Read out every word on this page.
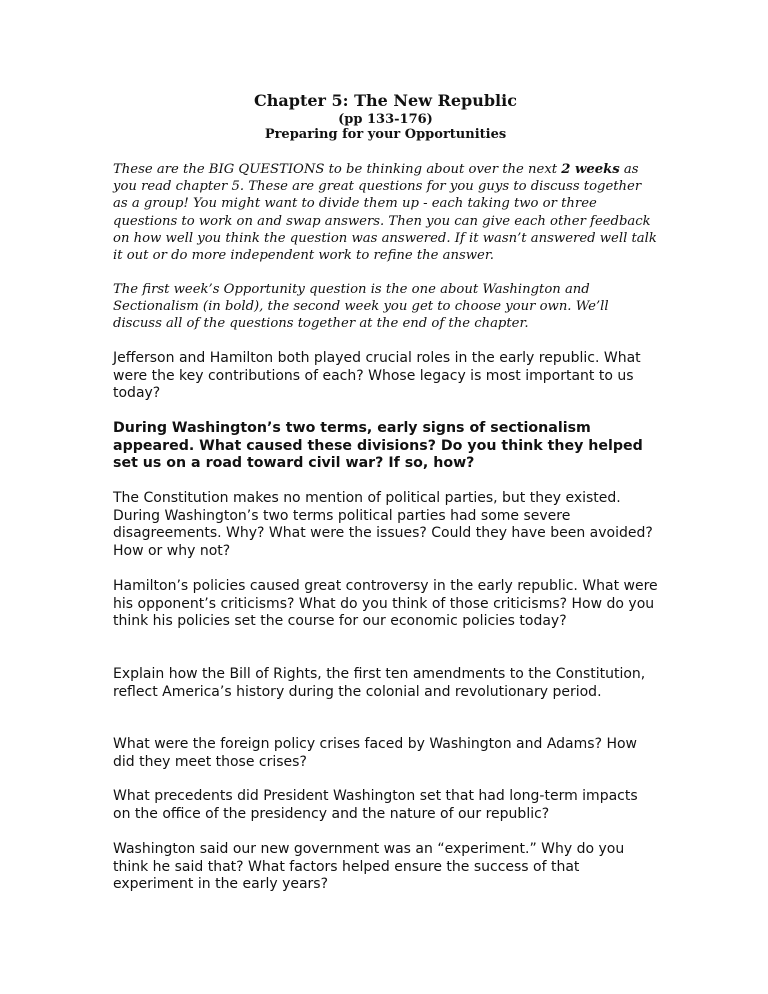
Chapter 5: The New Republic
(pp 133-176)
Preparing for your Opportunities

These are the BIG QUESTIONS to be thinking about over the next 2 weeks as you read chapter 5. These are great questions for you guys to discuss together as a group! You might want to divide them up - each taking two or three questions to work on and swap answers. Then you can give each other feedback on how well you think the question was answered. If it wasn’t answered well talk it out or do more independent work to refine the answer.

The first week’s Opportunity question is the one about Washington and Sectionalism (in bold), the second week you get to choose your own. We’ll discuss all of the questions together at the end of the chapter.

Jefferson and Hamilton both played crucial roles in the early republic. What were the key contributions of each? Whose legacy is most important to us today?

During Washington’s two terms, early signs of sectionalism appeared. What caused these divisions? Do you think they helped set us on a road toward civil war? If so, how?

The Constitution makes no mention of political parties, but they existed. During Washington’s two terms political parties had some severe disagreements. Why? What were the issues? Could they have been avoided? How or why not?

Hamilton’s policies caused great controversy in the early republic. What were his opponent’s criticisms? What do you think of those criticisms? How do you think his policies set the course for our economic policies today?

Explain how the Bill of Rights, the first ten amendments to the Constitution, reflect America’s history during the colonial and revolutionary period.

What were the foreign policy crises faced by Washington and Adams? How did they meet those crises?

What precedents did President Washington set that had long-term impacts on the office of the presidency and the nature of our republic?

Washington said our new government was an “experiment.” Why do you think he said that? What factors helped ensure the success of that experiment in the early years?
